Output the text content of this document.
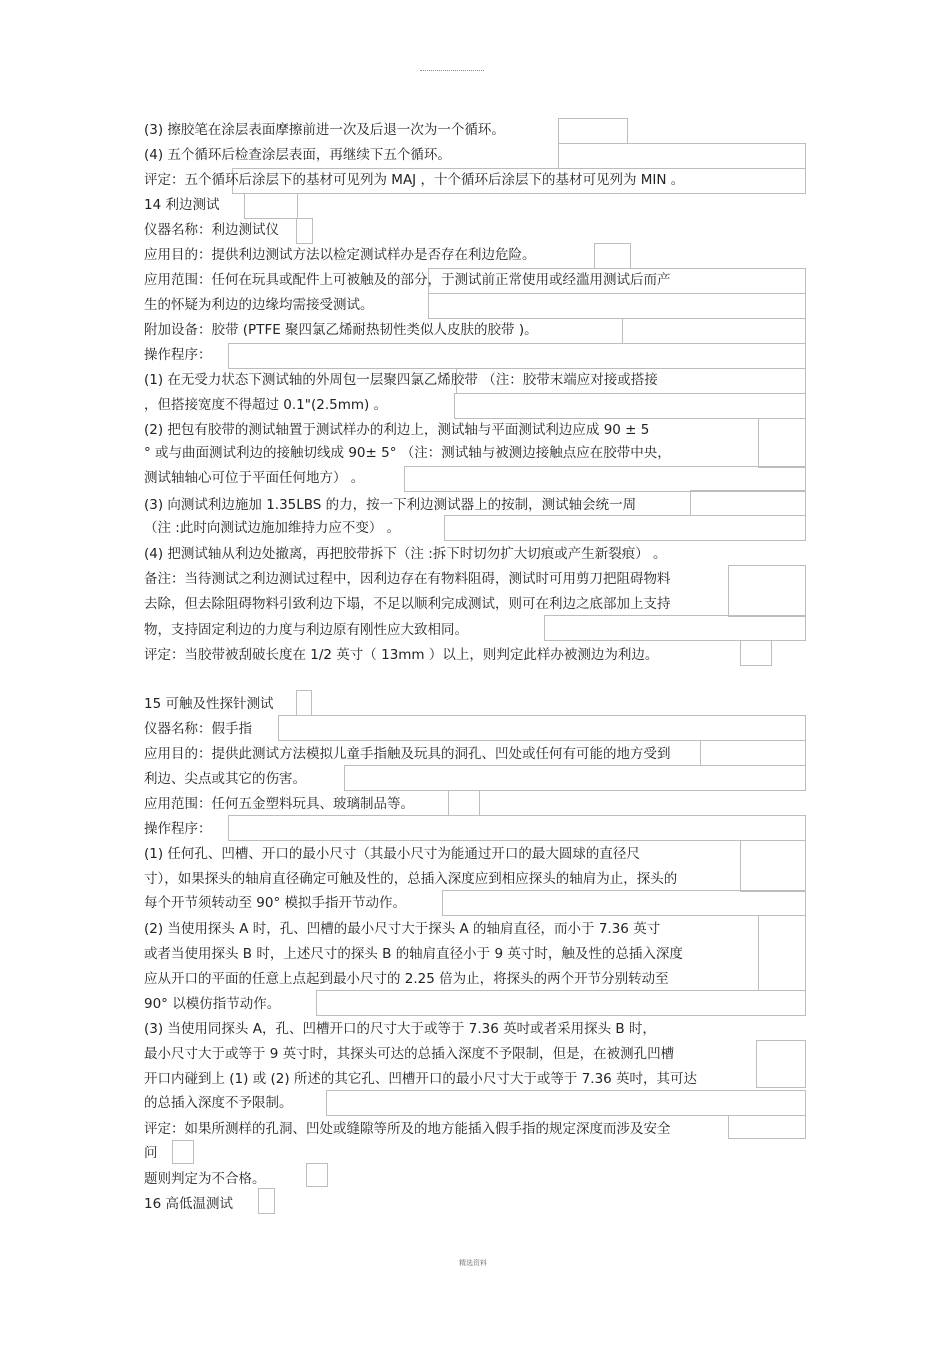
(3) 擦胶笔在涂层表面摩擦前进一次及后退一次为一个循环。
(4) 五个循环后检查涂层表面，再继续下五个循环。
评定：五个循环后涂层下的基材可见列为 MAJ ，十个循环后涂层下的基材可见列为 MIN 。
14 利边测试
仪器名称：利边测试仪
应用目的：提供利边测试方法以检定测试样办是否存在利边危险。
应用范围：任何在玩具或配件上可被触及的部分，于测试前正常使用或经滥用测试后而产
生的怀疑为利边的边缘均需接受测试。
附加设备：胶带 (PTFE 聚四氯乙烯耐热韧性类似人皮肤的胶带 )。
操作程序：
(1) 在无受力状态下测试轴的外周包一层聚四氯乙烯胶带 （注：胶带末端应对接或搭接
，但搭接宽度不得超过 0.1"(2.5mm) 。
(2) 把包有胶带的测试轴置于测试样办的利边上，测试轴与平面测试利边应成 90 ± 5
° 或与曲面测试利边的接触切线成 90± 5° （注：测试轴与被测边接触点应在胶带中央，
测试轴轴心可位于平面任何地方） 。
(3) 向测试利边施加 1.35LBS 的力，按一下利边测试器上的按制，测试轴会统一周
（注 :此时向测试边施加维持力应不变） 。
(4) 把测试轴从利边处撤离，再把胶带拆下（注 :拆下时切勿扩大切痕或产生新裂痕） 。
备注：当待测试之利边测试过程中，因利边存在有物料阻碍，测试时可用剪刀把阻碍物料
去除，但去除阻碍物料引致利边下塌，不足以顺利完成测试，则可在利边之底部加上支持
物，支持固定利边的力度与利边原有刚性应大致相同。
评定：当胶带被刮破长度在 1/2 英寸（ 13mm ）以上，则判定此样办被测边为利边。
15 可触及性探针测试
仪器名称：假手指
应用目的：提供此测试方法模拟儿童手指触及玩具的洞孔、凹处或任何有可能的地方受到
利边、尖点或其它的伤害。
应用范围：任何五金塑料玩具、玻璃制品等。
操作程序：
(1) 任何孔、凹槽、开口的最小尺寸（其最小尺寸为能通过开口的最大圆球的直径尺
寸），如果探头的轴肩直径确定可触及性的，总插入深度应到相应探头的轴肩为止，探头的
每个开节须转动至 90° 模拟手指开节动作。
(2) 当使用探头 A 时，孔、凹槽的最小尺寸大于探头 A 的轴肩直径，而小于 7.36 英寸
或者当使用探头 B 时，上述尺寸的探头 B 的轴肩直径小于 9 英寸时，触及性的总插入深度
应从开口的平面的任意上点起到最小尺寸的 2.25 倍为止，将探头的两个开节分别转动至
90° 以模仿指节动作。
(3) 当使用同探头 A，孔、凹槽开口的尺寸大于或等于 7.36 英吋或者采用探头 B 时，
最小尺寸大于或等于 9 英寸时，其探头可达的总插入深度不予限制，但是，在被测孔凹槽
开口内碰到上 (1) 或 (2) 所述的其它孔、凹槽开口的最小尺寸大于或等于 7.36 英吋，其可达
的总插入深度不予限制。
评定：如果所测样的孔洞、凹处或缝隙等所及的地方能插入假手指的规定深度而涉及安全
问
题则判定为不合格。
16 高低温测试
精选资料
